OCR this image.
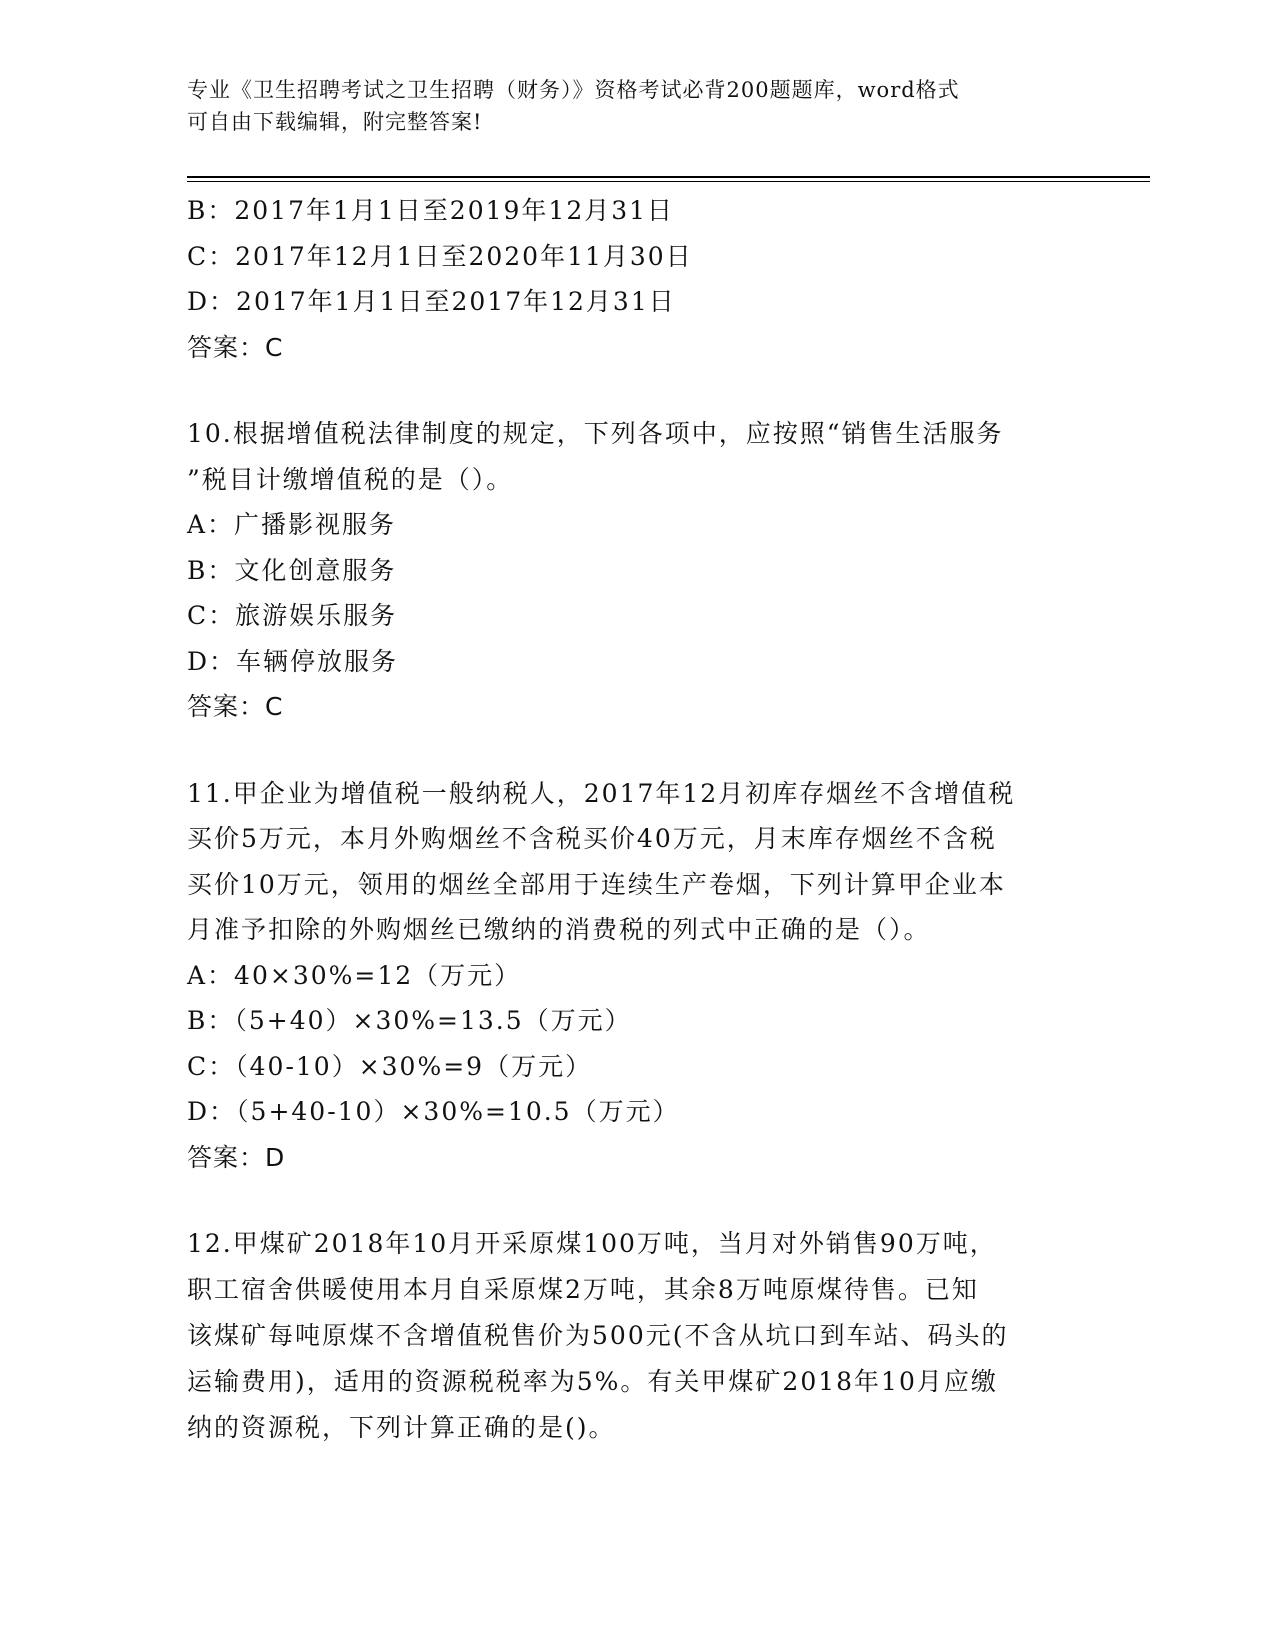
专业《卫生招聘考试之卫生招聘（财务）》资格考试必背200题题库，word格式
可自由下载编辑，附完整答案!
B：2017年1月1日至2019年12月31日
C：2017年12月1日至2020年11月30日
D：2017年1月1日至2017年12月31日
答案：C
10.根据增值税法律制度的规定，下列各项中，应按照“销售生活服务
”税目计缴增值税的是（）。
A：广播影视服务
B：文化创意服务
C：旅游娱乐服务
D：车辆停放服务
答案：C
11.甲企业为增值税一般纳税人，2017年12月初库存烟丝不含增值税
买价5万元，本月外购烟丝不含税买价40万元，月末库存烟丝不含税
买价10万元，领用的烟丝全部用于连续生产卷烟，下列计算甲企业本
月准予扣除的外购烟丝已缴纳的消费税的列式中正确的是（）。
A：40×30%=12（万元）
B：（5+40）×30%=13.5（万元）
C：（40-10）×30%=9（万元）
D：（5+40-10）×30%=10.5（万元）
答案：D
12.甲煤矿2018年10月开采原煤100万吨，当月对外销售90万吨，
职工宿舍供暖使用本月自采原煤2万吨，其余8万吨原煤待售。已知
该煤矿每吨原煤不含增值税售价为500元(不含从坑口到车站、码头的
运输费用)，适用的资源税税率为5%。有关甲煤矿2018年10月应缴
纳的资源税，下列计算正确的是()。
